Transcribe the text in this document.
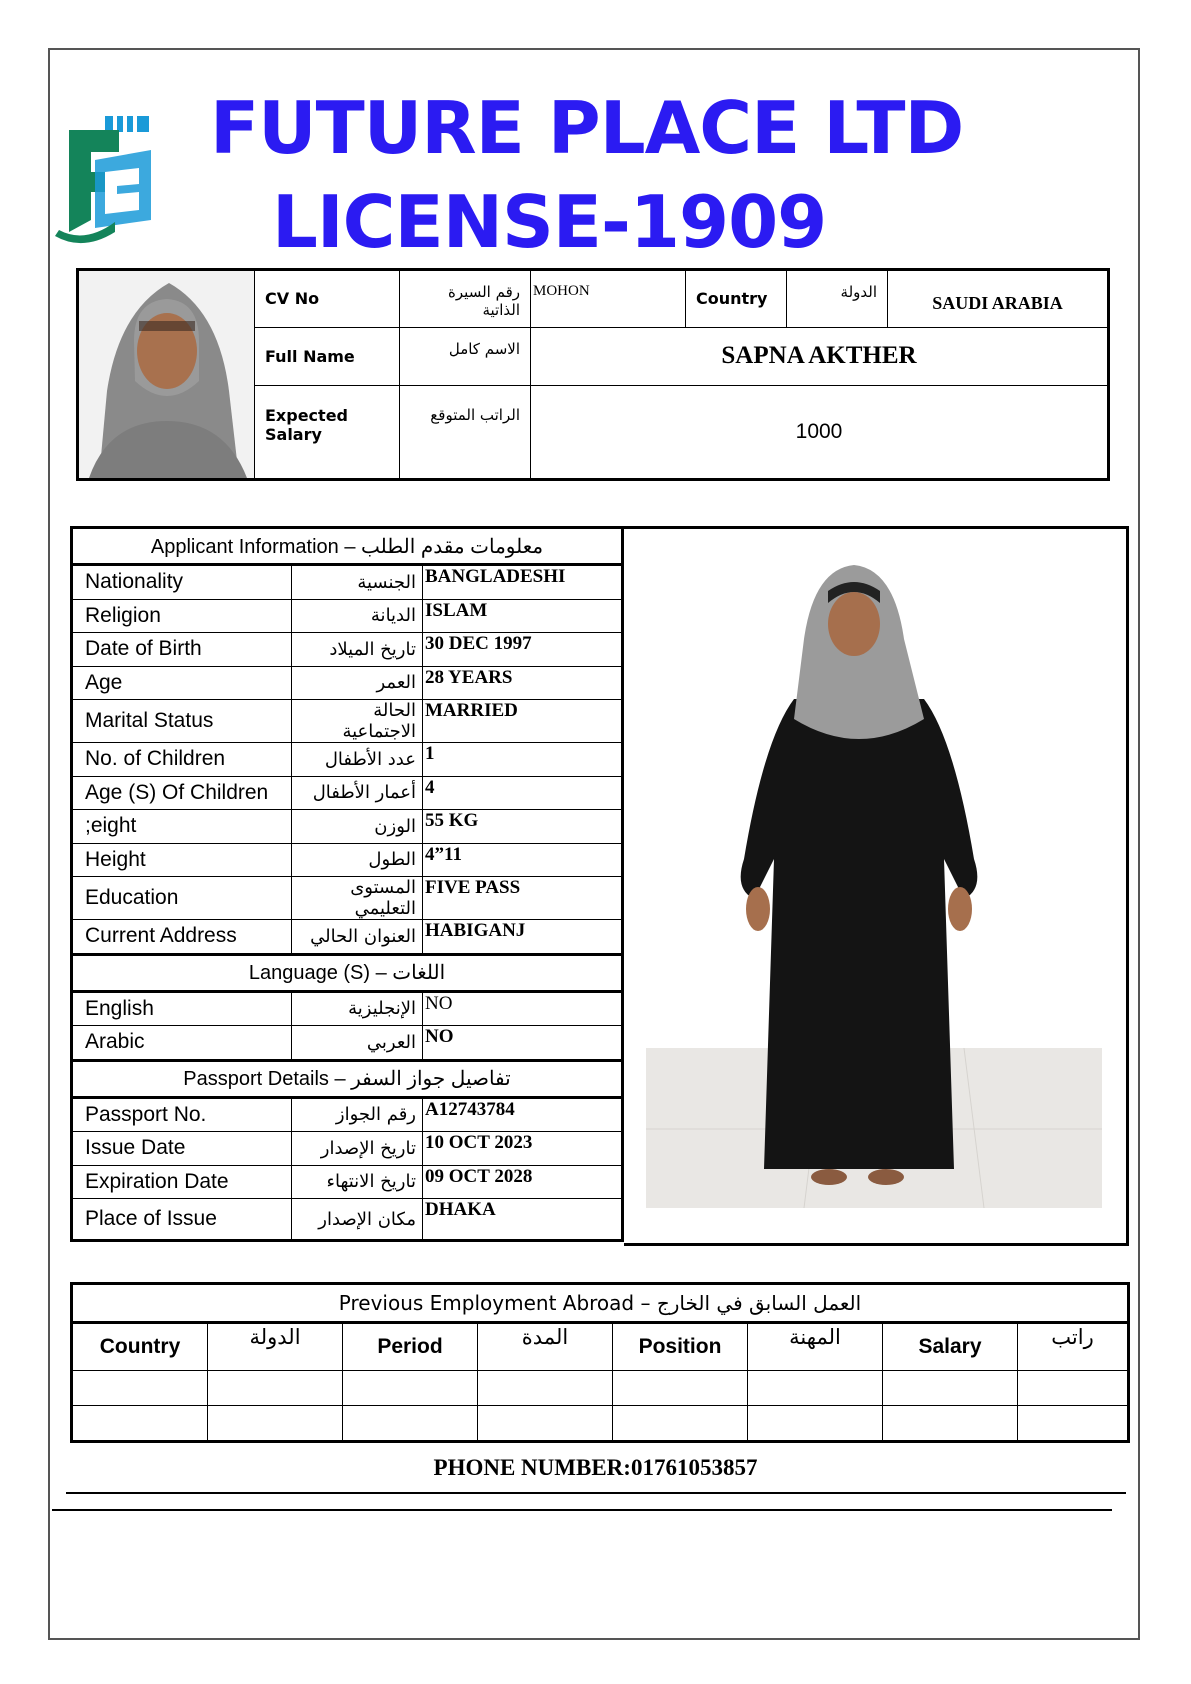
FUTURE PLACE LTD
LICENSE-1909
	CV No	رقم السيرة الذاتية	MOHON	Country	الدولة	SAUDI ARABIA
	Full Name	الاسم كامل	SAPNA AKTHER			
	Expected Salary	الراتب المتوقع	1000			
Applicant Information – معلومات مقدم الطلب		
Nationality	الجنسية	BANGLADESHI
Religion	الديانة	ISLAM
Date of Birth	تاريخ الميلاد	30 DEC 1997
Age	العمر	28 YEARS
Marital Status	الحالة الاجتماعية	MARRIED
No. of Children	عدد الأطفال	1
Age (S) Of Children	أعمار الأطفال	4
;eight	الوزن	55 KG
Height	الطول	4”11
Education	المستوى التعليمي	FIVE PASS
Current Address	العنوان الحالي	HABIGANJ
Language (S) – اللغات		
English	الإنجليزية	NO
Arabic	العربي	NO
Passport Details – تفاصيل جواز السفر		
Passport No.	رقم الجواز	A12743784
Issue Date	تاريخ الإصدار	10 OCT 2023
Expiration Date	تاريخ الانتهاء	09 OCT 2028
Place of Issue	مكان الإصدار	DHAKA
Previous Employment Abroad – العمل السابق في الخارج							
Country	الدولة	Period	المدة	Position	المهنة	Salary	راتب

PHONE NUMBER:01761053857
